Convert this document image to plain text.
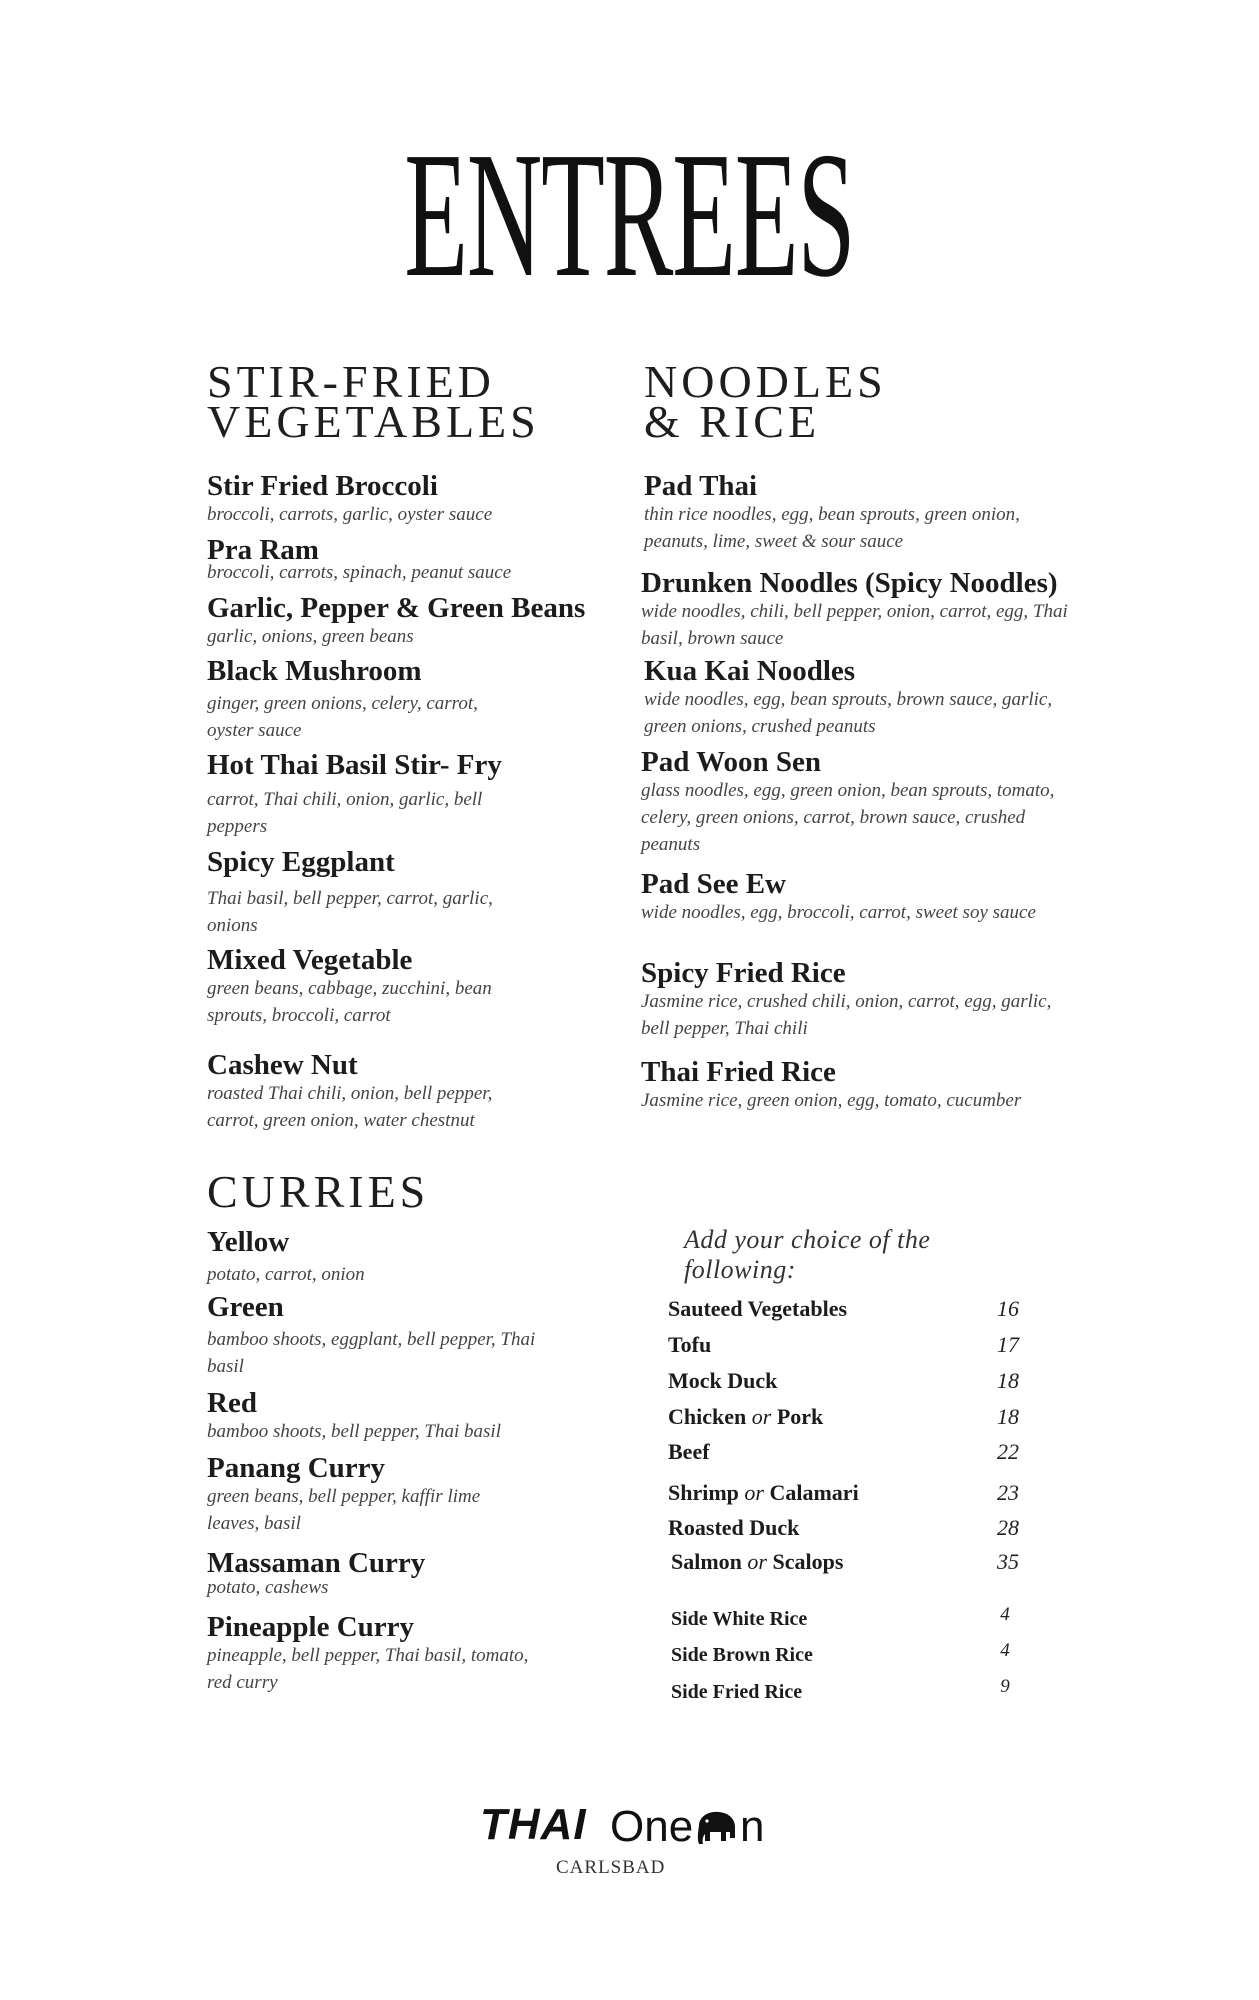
ENTREES
STIR-FRIED
VEGETABLES
Stir Fried Broccoli
broccoli, carrots, garlic, oyster sauce
Pra Ram
broccoli, carrots, spinach, peanut sauce
Garlic, Pepper & Green Beans
garlic, onions, green beans
Black Mushroom
ginger, green onions, celery, carrot, oyster sauce
Hot Thai Basil Stir- Fry
carrot, Thai chili, onion, garlic, bell peppers
Spicy Eggplant
Thai basil, bell pepper, carrot, garlic, onions
Mixed Vegetable
green beans, cabbage, zucchini, bean sprouts, broccoli, carrot
Cashew Nut
roasted Thai chili, onion, bell pepper, carrot, green onion, water chestnut
NOODLES
& RICE
Pad Thai
thin rice noodles, egg, bean sprouts, green onion, peanuts, lime, sweet & sour sauce
Drunken Noodles (Spicy Noodles)
wide noodles, chili, bell pepper, onion, carrot, egg, Thai basil, brown sauce
Kua Kai Noodles
wide noodles, egg, bean sprouts, brown sauce, garlic, green onions, crushed peanuts
Pad Woon Sen
glass noodles, egg, green onion, bean sprouts, tomato, celery, green onions, carrot, brown sauce, crushed peanuts
Pad See Ew
wide noodles, egg, broccoli, carrot, sweet soy sauce
Spicy Fried Rice
Jasmine rice, crushed chili, onion, carrot, egg, garlic, bell pepper, Thai chili
Thai Fried Rice
Jasmine rice, green onion, egg, tomato, cucumber
CURRIES
Yellow
potato, carrot, onion
Green
bamboo shoots, eggplant, bell pepper, Thai basil
Red
bamboo shoots, bell pepper, Thai basil
Panang Curry
green beans, bell pepper, kaffir lime leaves, basil
Massaman Curry
potato, cashews
Pineapple Curry
pineapple, bell pepper, Thai basil, tomato, red curry
Add your choice of the following:
Sauteed Vegetables	16
Tofu	17
Mock Duck	18
Chicken or Pork	18
Beef	22
Shrimp or Calamari	23
Roasted Duck	28
Salmon or Scalops	35
Side White Rice	4
Side Brown Rice	4
Side Fried Rice	9
THAI One n
CARLSBAD
